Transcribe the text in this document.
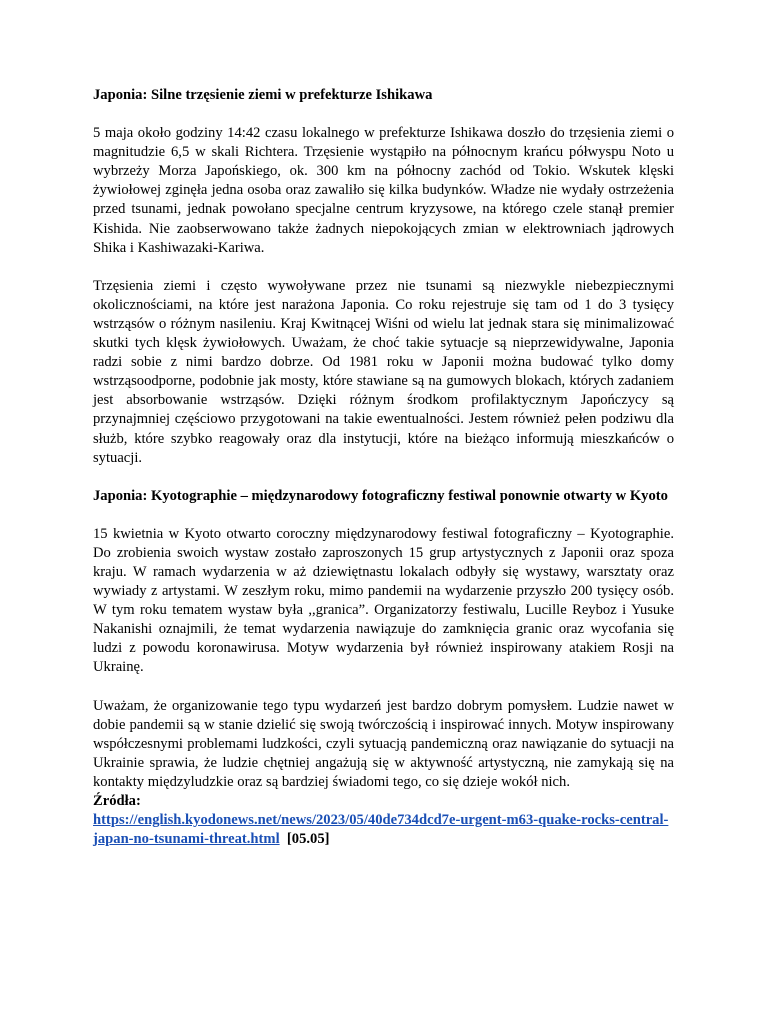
Japonia: Silne trzęsienie ziemi w prefekturze Ishikawa

5 maja około godziny 14:42 czasu lokalnego w prefekturze Ishikawa doszło do trzęsienia ziemi o magnitudzie 6,5 w skali Richtera. Trzęsienie wystąpiło na północnym krańcu półwyspu Noto u wybrzeży Morza Japońskiego, ok. 300 km na północny zachód od Tokio. Wskutek klęski żywiołowej zginęła jedna osoba oraz zawaliło się kilka budynków. Władze nie wydały ostrzeżenia przed tsunami, jednak powołano specjalne centrum kryzysowe, na którego czele stanął premier Kishida. Nie zaobserwowano także żadnych niepokojących zmian w elektrowniach jądrowych Shika i Kashiwazaki-Kariwa.

Trzęsienia ziemi i często wywoływane przez nie tsunami są niezwykle niebezpiecznymi okolicznościami, na które jest narażona Japonia. Co roku rejestruje się tam od 1 do 3 tysięcy wstrząsów o różnym nasileniu. Kraj Kwitnącej Wiśni od wielu lat jednak stara się minimalizować skutki tych klęsk żywiołowych. Uważam, że choć takie sytuacje są nieprzewidywalne, Japonia radzi sobie z nimi bardzo dobrze. Od 1981 roku w Japonii można budować tylko domy wstrząsoodporne, podobnie jak mosty, które stawiane są na gumowych blokach, których zadaniem jest absorbowanie wstrząsów. Dzięki różnym środkom profilaktycznym Japończycy są przynajmniej częściowo przygotowani na takie ewentualności. Jestem również pełen podziwu dla służb, które szybko reagowały oraz dla instytucji, które na bieżąco informują mieszkańców o sytuacji.

Japonia: Kyotographie – międzynarodowy fotograficzny festiwal ponownie otwarty w Kyoto

15 kwietnia w Kyoto otwarto coroczny międzynarodowy festiwal fotograficzny – Kyotographie. Do zrobienia swoich wystaw zostało zaproszonych 15 grup artystycznych z Japonii oraz spoza kraju. W ramach wydarzenia w aż dziewiętnastu lokalach odbyły się wystawy, warsztaty oraz wywiady z artystami. W zeszłym roku, mimo pandemii na wydarzenie przyszło 200 tysięcy osób. W tym roku tematem wystaw była ,,granica”. Organizatorzy festiwalu, Lucille Reyboz i Yusuke Nakanishi oznajmili, że temat wydarzenia nawiązuje do zamknięcia granic oraz wycofania się ludzi z powodu koronawirusa. Motyw wydarzenia był również inspirowany atakiem Rosji na Ukrainę.

Uważam, że organizowanie tego typu wydarzeń jest bardzo dobrym pomysłem. Ludzie nawet w dobie pandemii są w stanie dzielić się swoją twórczością i inspirować innych. Motyw inspirowany współczesnymi problemami ludzkości, czyli sytuacją pandemiczną oraz nawiązanie do sytuacji na Ukrainie sprawia, że ludzie chętniej angażują się w aktywność artystyczną, nie zamykają się na kontakty międzyludzkie oraz są bardziej świadomi tego, co się dzieje wokół nich.

Źródła:

https://english.kyodonews.net/news/2023/05/40de734dcd7e-urgent-m63-quake-rocks-central-japan-no-tsunami-threat.html [05.05]
